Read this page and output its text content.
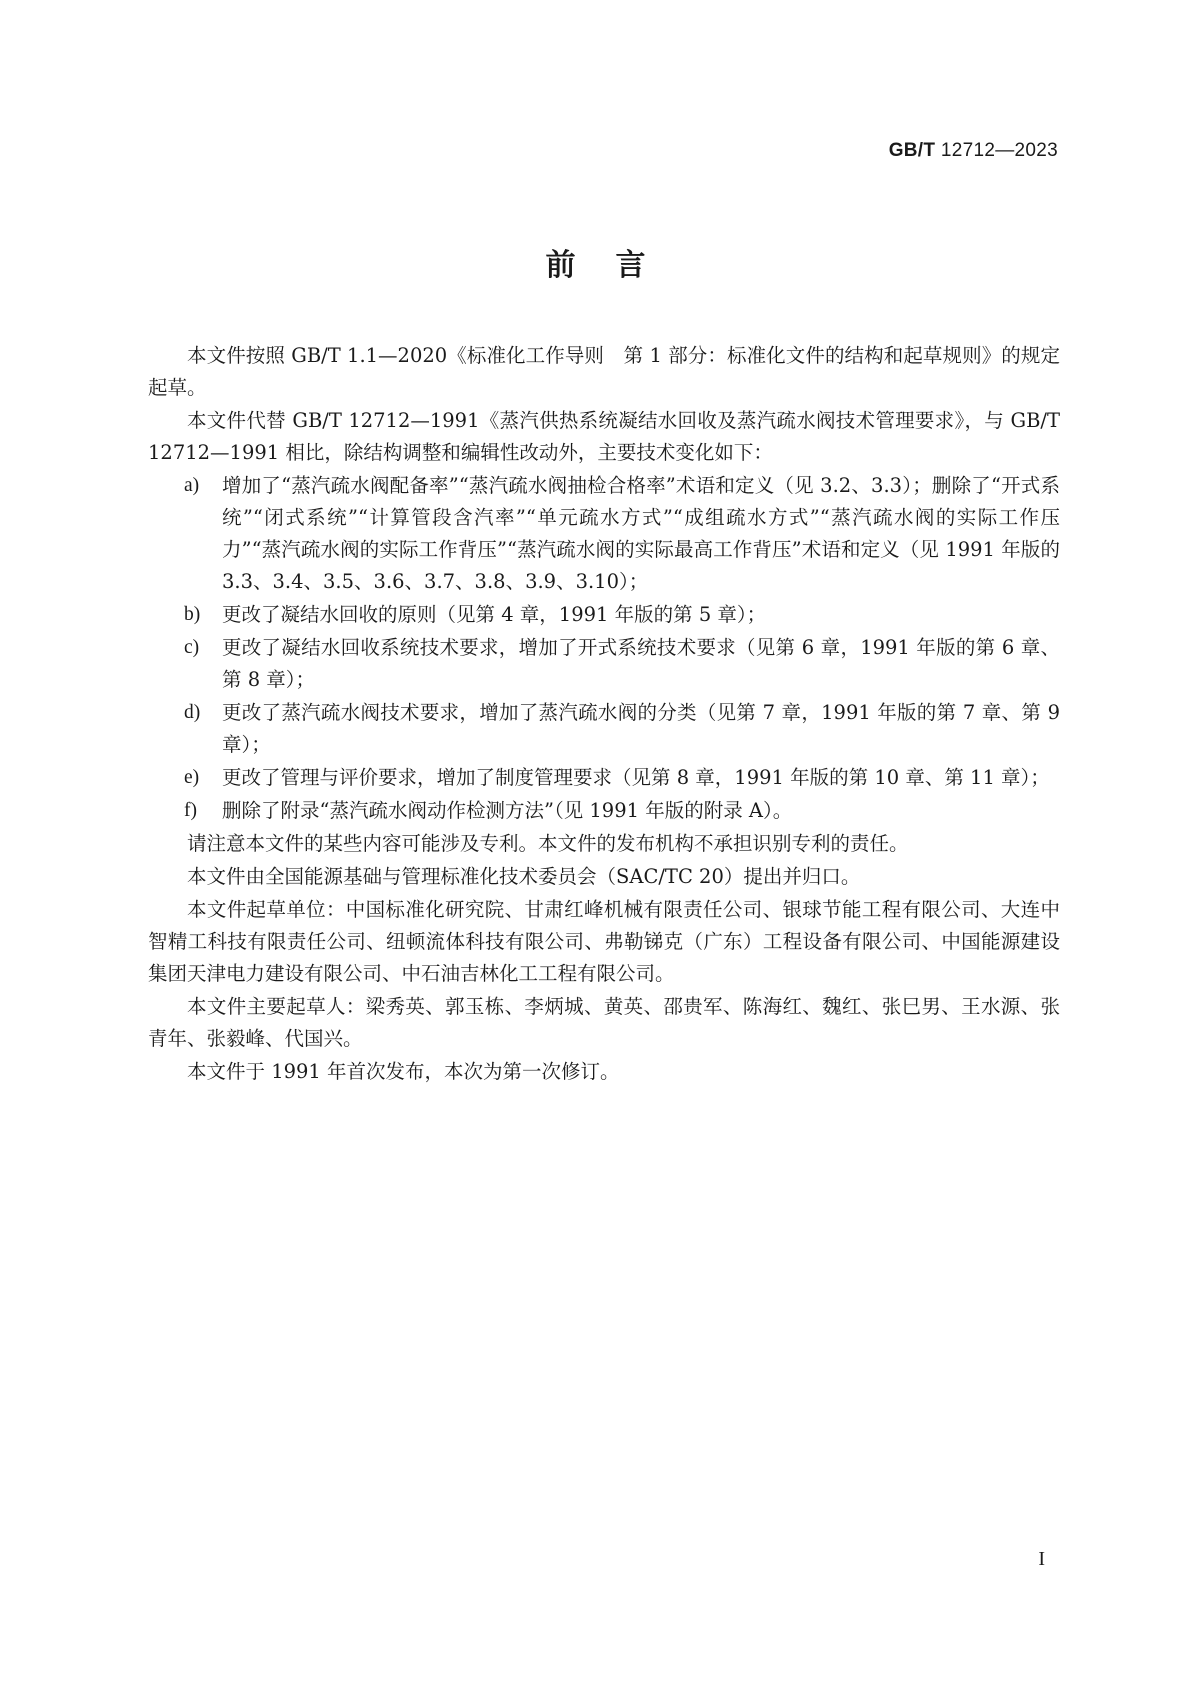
GB/T 12712—2023
前言

本文件按照 GB/T 1.1—2020《标准化工作导则　第 1 部分：标准化文件的结构和起草规则》的规定起草。

本文件代替 GB/T 12712—1991《蒸汽供热系统凝结水回收及蒸汽疏水阀技术管理要求》，与 GB/T 12712—1991 相比，除结构调整和编辑性改动外，主要技术变化如下：

a) 增加了“蒸汽疏水阀配备率”“蒸汽疏水阀抽检合格率”术语和定义（见 3.2、3.3）；删除了“开式系统”“闭式系统”“计算管段含汽率”“单元疏水方式”“成组疏水方式”“蒸汽疏水阀的实际工作压力”“蒸汽疏水阀的实际工作背压”“蒸汽疏水阀的实际最高工作背压”术语和定义（见 1991 年版的 3.3、3.4、3.5、3.6、3.7、3.8、3.9、3.10）；
b) 更改了凝结水回收的原则（见第 4 章，1991 年版的第 5 章）；
c) 更改了凝结水回收系统技术要求，增加了开式系统技术要求（见第 6 章，1991 年版的第 6 章、第 8 章）；
d) 更改了蒸汽疏水阀技术要求，增加了蒸汽疏水阀的分类（见第 7 章，1991 年版的第 7 章、第 9 章）；
e) 更改了管理与评价要求，增加了制度管理要求（见第 8 章，1991 年版的第 10 章、第 11 章）；
f) 删除了附录“蒸汽疏水阀动作检测方法”（见 1991 年版的附录 A）。

请注意本文件的某些内容可能涉及专利。本文件的发布机构不承担识别专利的责任。

本文件由全国能源基础与管理标准化技术委员会（SAC/TC 20）提出并归口。

本文件起草单位：中国标准化研究院、甘肃红峰机械有限责任公司、银球节能工程有限公司、大连中智精工科技有限责任公司、纽顿流体科技有限公司、弗勒锑克（广东）工程设备有限公司、中国能源建设集团天津电力建设有限公司、中石油吉林化工工程有限公司。

本文件主要起草人：梁秀英、郭玉栋、李炳城、黄英、邵贵军、陈海红、魏红、张巳男、王水源、张青年、张毅峰、代国兴。

本文件于 1991 年首次发布，本次为第一次修订。

I
